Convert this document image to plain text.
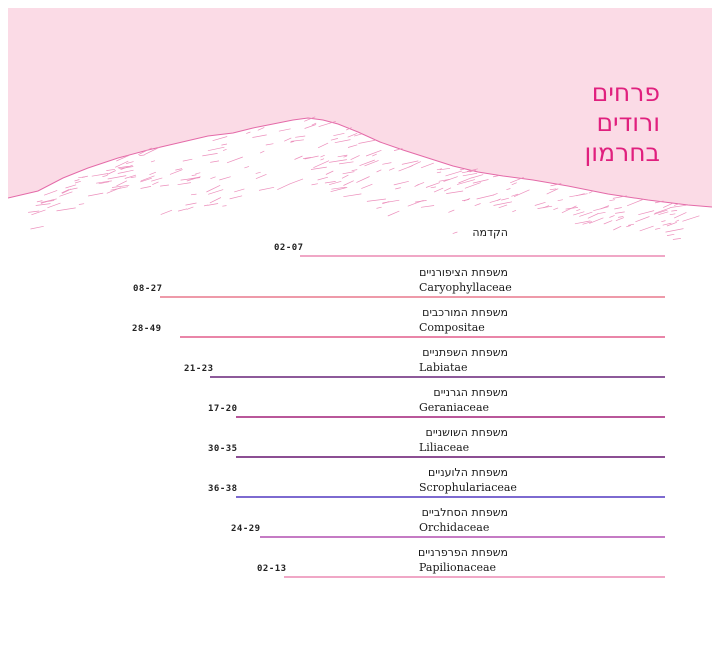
פרחים
ורודים
בחרמון
הקדמה
02-07
משפחת הציפורניים
Caryophyllaceae
08-27
משפחת המורכבים
Compositae
28-49
משפחת השפתניים
Labiatae
21-23
משפחת הגרניים
Geraniaceae
17-20
משפחת השושניים
Liliaceae
30-35
משפחת הלועניים
Scrophulariaceae
36-38
משפחת הסחלביים
Orchidaceae
24-29
משפחת הפרפרניים
Papilionaceae
02-13
